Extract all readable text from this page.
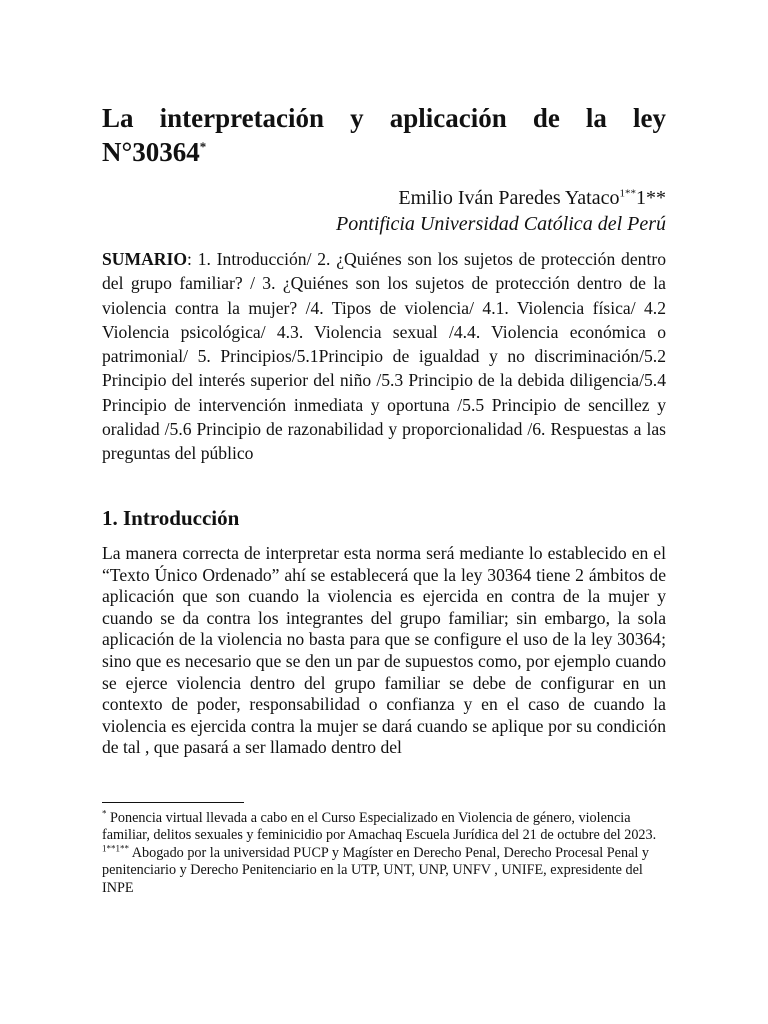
La interpretación y aplicación de la ley
N°30364*
Emilio Iván Paredes Yataco$^{1**}$1**
Pontificia Universidad Católica del Perú

SUMARIO: 1. Introducción/ 2. ¿Quiénes son los sujetos de protección dentro del grupo familiar? / 3. ¿Quiénes son los sujetos de protección dentro de la violencia contra la mujer? /4. Tipos de violencia/ 4.1. Violencia física/ 4.2 Violencia psicológica/ 4.3. Violencia sexual /4.4. Violencia económica o patrimonial/ 5. Principios/5.1Principio de igualdad y no discriminación/5.2 Principio del interés superior del niño /5.3 Principio de la debida diligencia/5.4 Principio de intervención inmediata y oportuna /5.5 Principio de sencillez y oralidad /5.6 Principio de razonabilidad y proporcionalidad /6. Respuestas a las preguntas del público

1. Introducción

La manera correcta de interpretar esta norma será mediante lo establecido en el “Texto Único Ordenado” ahí se establecerá que la ley 30364 tiene 2 ámbitos de aplicación que son cuando la violencia es ejercida en contra de la mujer y cuando se da contra los integrantes del grupo familiar; sin embargo, la sola aplicación de la violencia no basta para que se configure el uso de la ley 30364; sino que es necesario que se den un par de supuestos como, por ejemplo cuando se ejerce violencia dentro del grupo familiar se debe de configurar en un contexto de poder, responsabilidad o confianza y en el caso de cuando la violencia es ejercida contra la mujer se dará cuando se aplique por su condición de tal , que pasará a ser llamado dentro del

* Ponencia virtual llevada a cabo en el Curso Especializado en Violencia de género, violencia familiar, delitos sexuales y feminicidio por Amachaq Escuela Jurídica del 21 de octubre del 2023.

$^{1**1**}$ Abogado por la universidad PUCP y Magíster en Derecho Penal, Derecho Procesal Penal y penitenciario y Derecho Penitenciario en la UTP, UNT, UNP, UNFV , UNIFE, expresidente del INPE
